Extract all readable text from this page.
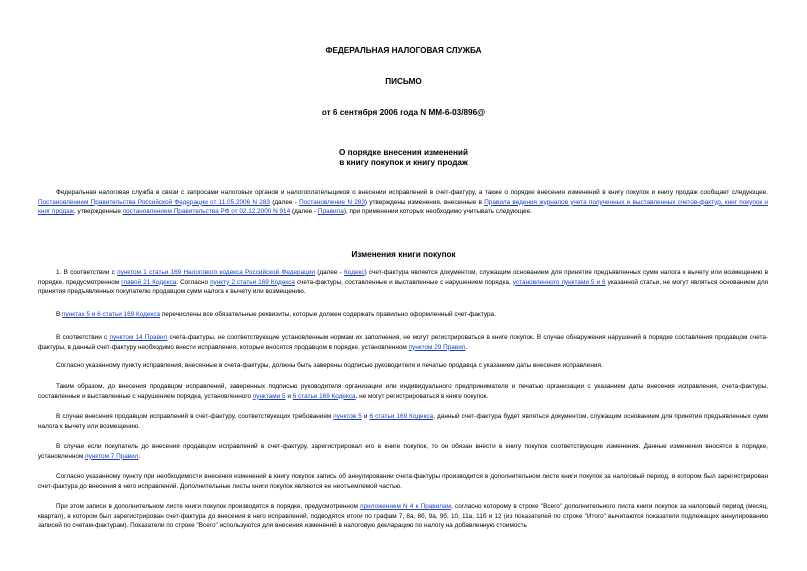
ФЕДЕРАЛЬНАЯ НАЛОГОВАЯ СЛУЖБА

ПИСЬМО

от 6 сентября 2006 года N ММ-6-03/896@

О порядке внесения изменений

в книгу покупок и книгу продаж

Федеральная налоговая служба в связи с запросами налоговых органов и налогоплательщиков о внесении исправлений в счет-фактуру, а также о порядке внесения изменений в книгу покупок и книгу продаж сообщает следующее. Постановлением Правительства Российской Федерации от 11.05.2006 N 283 (далее - Постановление N 283) утверждены изменения, внесенные в Правила ведения журналов учета полученных и выставленных счетов-фактур, книг покупок и книг продаж, утвержденные постановлением Правительства РФ от 02.12.2000 N 914 (далее - Правила), при применении которых необходимо учитывать следующее.

Изменения книги покупок

1. В соответствии с пунктом 1 статьи 169 Налогового кодекса Российской Федерации (далее - Кодекс) счет-фактура является документом, служащим основанием для принятия предъявленных сумм налога к вычету или возмещению в порядке, предусмотренном главой 21 Кодекса. Согласно пункту 2 статьи 169 Кодекса счета-фактуры, составленные и выставленные с нарушением порядка, установленного пунктами 5 и 6 указанной статьи, не могут являться основанием для принятия предъявленных покупателю продавцом сумм налога к вычету или возмещению.

В пунктах 5 и 6 статьи 169 Кодекса перечислены все обязательные реквизиты, которые должен содержать правильно оформленный счет-фактура.

В соответствии с пунктом 14 Правил счета-фактуры, не соответствующие установленным нормам их заполнения, не могут регистрироваться в книге покупок. В случае обнаружения нарушений в порядке составления продавцом счета-фактуры, в данный счет-фактуру необходимо внести исправления, которые вносятся продавцом в порядке, установленном пунктом 29 Правил.

Согласно указанному пункту исправления, внесенные в счета-фактуры, должны быть заверены подписью руководителя и печатью продавца с указанием даты внесения исправления.

Таким образом, до внесения продавцом исправлений, заверенных подписью руководителя организации или индивидуального предпринимателя и печатью организации с указанием даты внесения исправления, счета-фактуры, составленные и выставленные с нарушением порядка, установленного пунктами 5 и 6 статьи 169 Кодекса, не могут регистрироваться в книге покупок.

В случае внесения продавцом исправлений в счет-фактуру, соответствующих требованиям пунктов 5 и 6 статьи 169 Кодекса, данный счет-фактура будет являться документом, служащим основанием для принятия предъявленных сумм налога к вычету или возмещению.

В случае если покупатель до внесения продавцом исправлений в счет-фактуру, зарегистрировал его в книге покупок, то он обязан внести в книгу покупок соответствующие изменения. Данные изменения вносятся в порядке, установленном пунктом 7 Правил.

Согласно указанному пункту при необходимости внесения изменений в книгу покупок запись об аннулировании счета-фактуры производится в дополнительном листе книги покупок за налоговый период, в котором был зарегистрирован счет-фактура до внесения в него исправлений. Дополнительные листы книги покупок являются ее неотъемлемой частью.

При этом записи в дополнительном листе книги покупок производятся в порядке, предусмотренном приложением N 4 к Правилам, согласно которому в строке "Всего" дополнительного листа книги покупок за налоговый период (месяц, квартал), в котором был зарегистрирован счет-фактура до внесения в него исправлений, подводятся итоги по графам 7, 8а, 8б, 9а, 9б, 10, 11а, 11б и 12 (из показателей по строке "Итого" вычитаются показатели подлежащих аннулированию записей по счетам-фактурам). Показатели по строке "Всего" используются для внесения изменений в налоговую декларацию по налогу на добавленную стоимость
